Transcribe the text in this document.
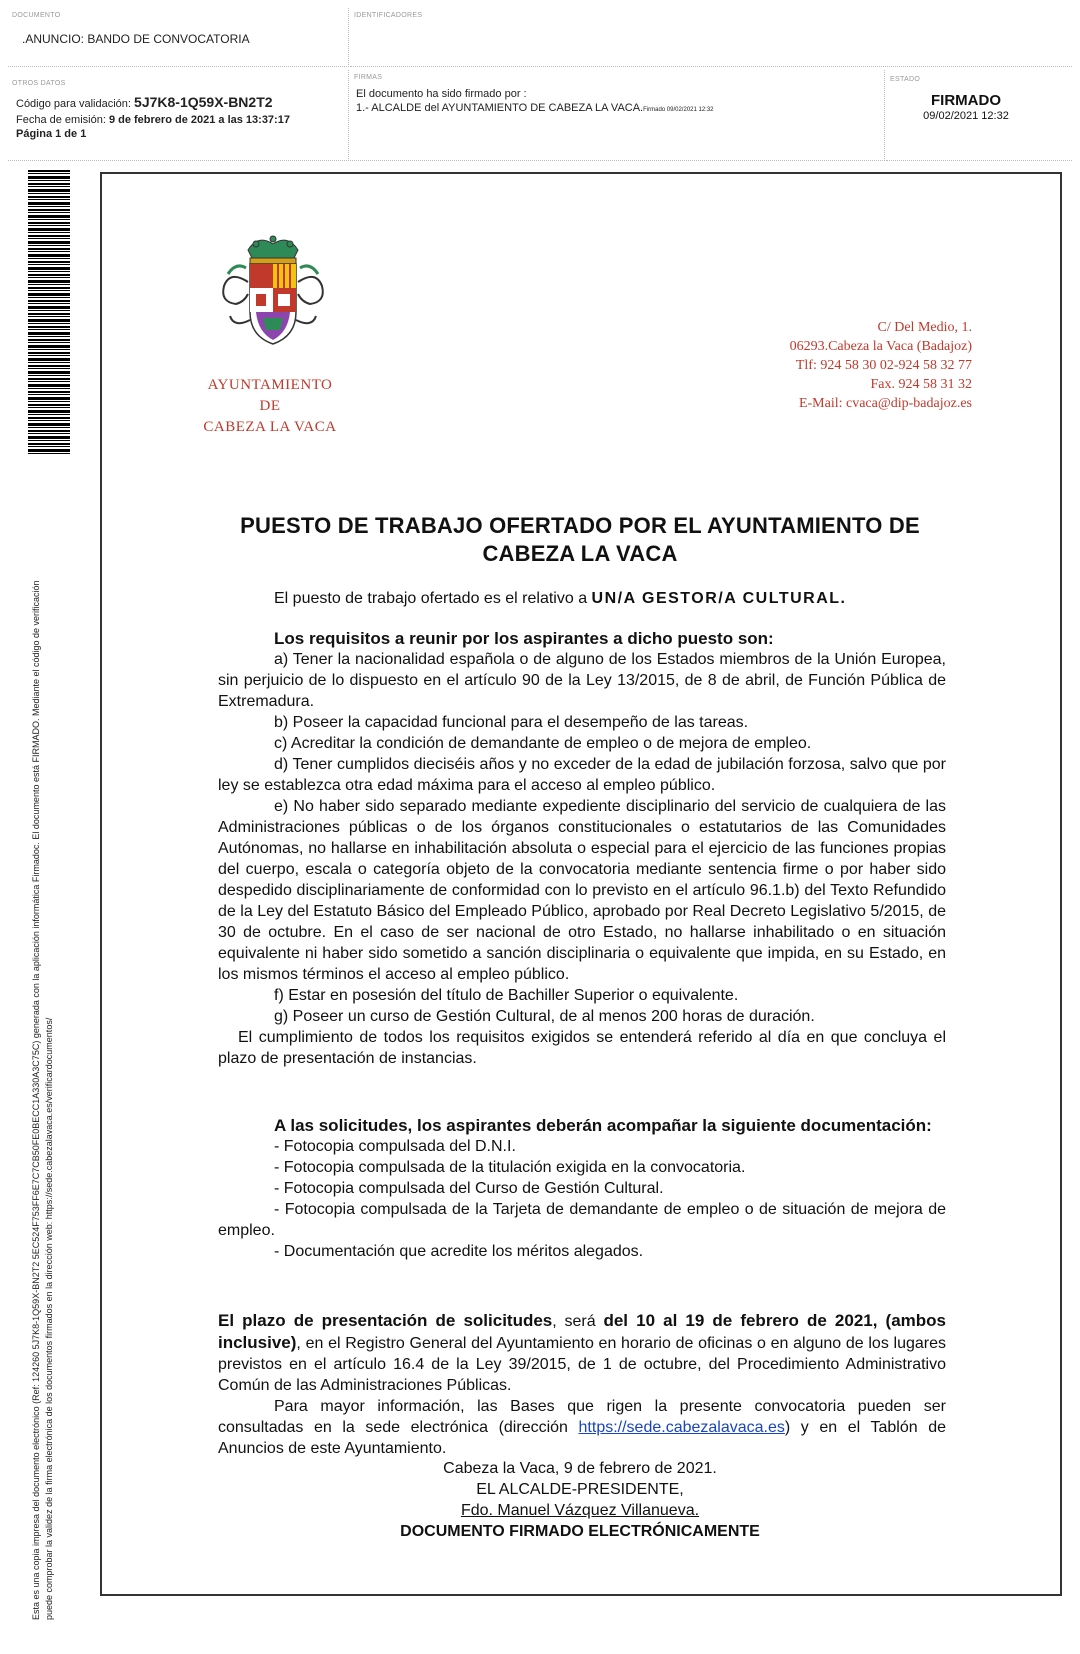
DOCUMENTO
.ANUNCIO: BANDO DE CONVOCATORIA
IDENTIFICADORES
OTROS DATOS
Código para validación: 5J7K8-1Q59X-BN2T2
Fecha de emisión: 9 de febrero de 2021 a las 13:37:17
Página 1 de 1
FIRMAS
El documento ha sido firmado por :
1.- ALCALDE del AYUNTAMIENTO DE CABEZA LA VACA.Firmado 09/02/2021 12:32
ESTADO
FIRMADO
09/02/2021 12:32
Esta es una copia impresa del documento electrónico (Ref: 124260 5J7K8-1Q59X-BN2T2 5EC524F753FF6E7C7CB50FE0BECC1A330A3C75C) generada con la aplicación informática Firmadoc. El documento está FIRMADO. Mediante el código de verificación puede comprobar la validez de la firma electrónica de los documentos firmados en la dirección web: https://sede.cabezalavaca.es/verificardocumentos/
AYUNTAMIENTO
DE
CABEZA LA VACA
C/ Del Medio, 1.
06293.Cabeza la Vaca (Badajoz)
Tlf: 924 58 30 02-924 58 32 77
Fax. 924 58 31 32
E-Mail: cvaca@dip-badajoz.es
PUESTO DE TRABAJO OFERTADO POR EL AYUNTAMIENTO DE
CABEZA LA VACA
El puesto de trabajo ofertado es el relativo a UN/A GESTOR/A CULTURAL.

Los requisitos a reunir por los aspirantes a dicho puesto son:

a) Tener la nacionalidad española o de alguno de los Estados miembros de la Unión Europea, sin perjuicio de lo dispuesto en el artículo 90 de la Ley 13/2015, de 8 de abril, de Función Pública de Extremadura.

b) Poseer la capacidad funcional para el desempeño de las tareas.

c) Acreditar la condición de demandante de empleo o de mejora de empleo.

d) Tener cumplidos dieciséis años y no exceder de la edad de jubilación forzosa, salvo que por ley se establezca otra edad máxima para el acceso al empleo público.

e) No haber sido separado mediante expediente disciplinario del servicio de cualquiera de las Administraciones públicas o de los órganos constitucionales o estatutarios de las Comunidades Autónomas, no hallarse en inhabilitación absoluta o especial para el ejercicio de las funciones propias del cuerpo, escala o categoría objeto de la convocatoria mediante sentencia firme o por haber sido despedido disciplinariamente de conformidad con lo previsto en el artículo 96.1.b) del Texto Refundido de la Ley del Estatuto Básico del Empleado Público, aprobado por Real Decreto Legislativo 5/2015, de 30 de octubre. En el caso de ser nacional de otro Estado, no hallarse inhabilitado o en situación equivalente ni haber sido sometido a sanción disciplinaria o equivalente que impida, en su Estado, en los mismos términos el acceso al empleo público.

f) Estar en posesión del título de Bachiller Superior o equivalente.

g) Poseer un curso de Gestión Cultural, de al menos 200 horas de duración.

El cumplimiento de todos los requisitos exigidos se entenderá referido al día en que concluya el plazo de presentación de instancias.

A las solicitudes, los aspirantes deberán acompañar la siguiente documentación:

- Fotocopia compulsada del D.N.I.

- Fotocopia compulsada de la titulación exigida en la convocatoria.

- Fotocopia compulsada del Curso de Gestión Cultural.

- Fotocopia compulsada de la Tarjeta de demandante de empleo o de situación de mejora de empleo.

- Documentación que acredite los méritos alegados.

El plazo de presentación de solicitudes, será del 10 al 19 de febrero de 2021, (ambos inclusive), en el Registro General del Ayuntamiento en horario de oficinas o en alguno de los lugares previstos en el artículo 16.4 de la Ley 39/2015, de 1 de octubre, del Procedimiento Administrativo Común de las Administraciones Públicas.

Para mayor información, las Bases que rigen la presente convocatoria pueden ser consultadas en la sede electrónica (dirección https://sede.cabezalavaca.es) y en el Tablón de Anuncios de este Ayuntamiento.

Cabeza la Vaca, 9 de febrero de 2021.
EL ALCALDE-PRESIDENTE,
Fdo. Manuel Vázquez Villanueva.
DOCUMENTO FIRMADO ELECTRÓNICAMENTE
